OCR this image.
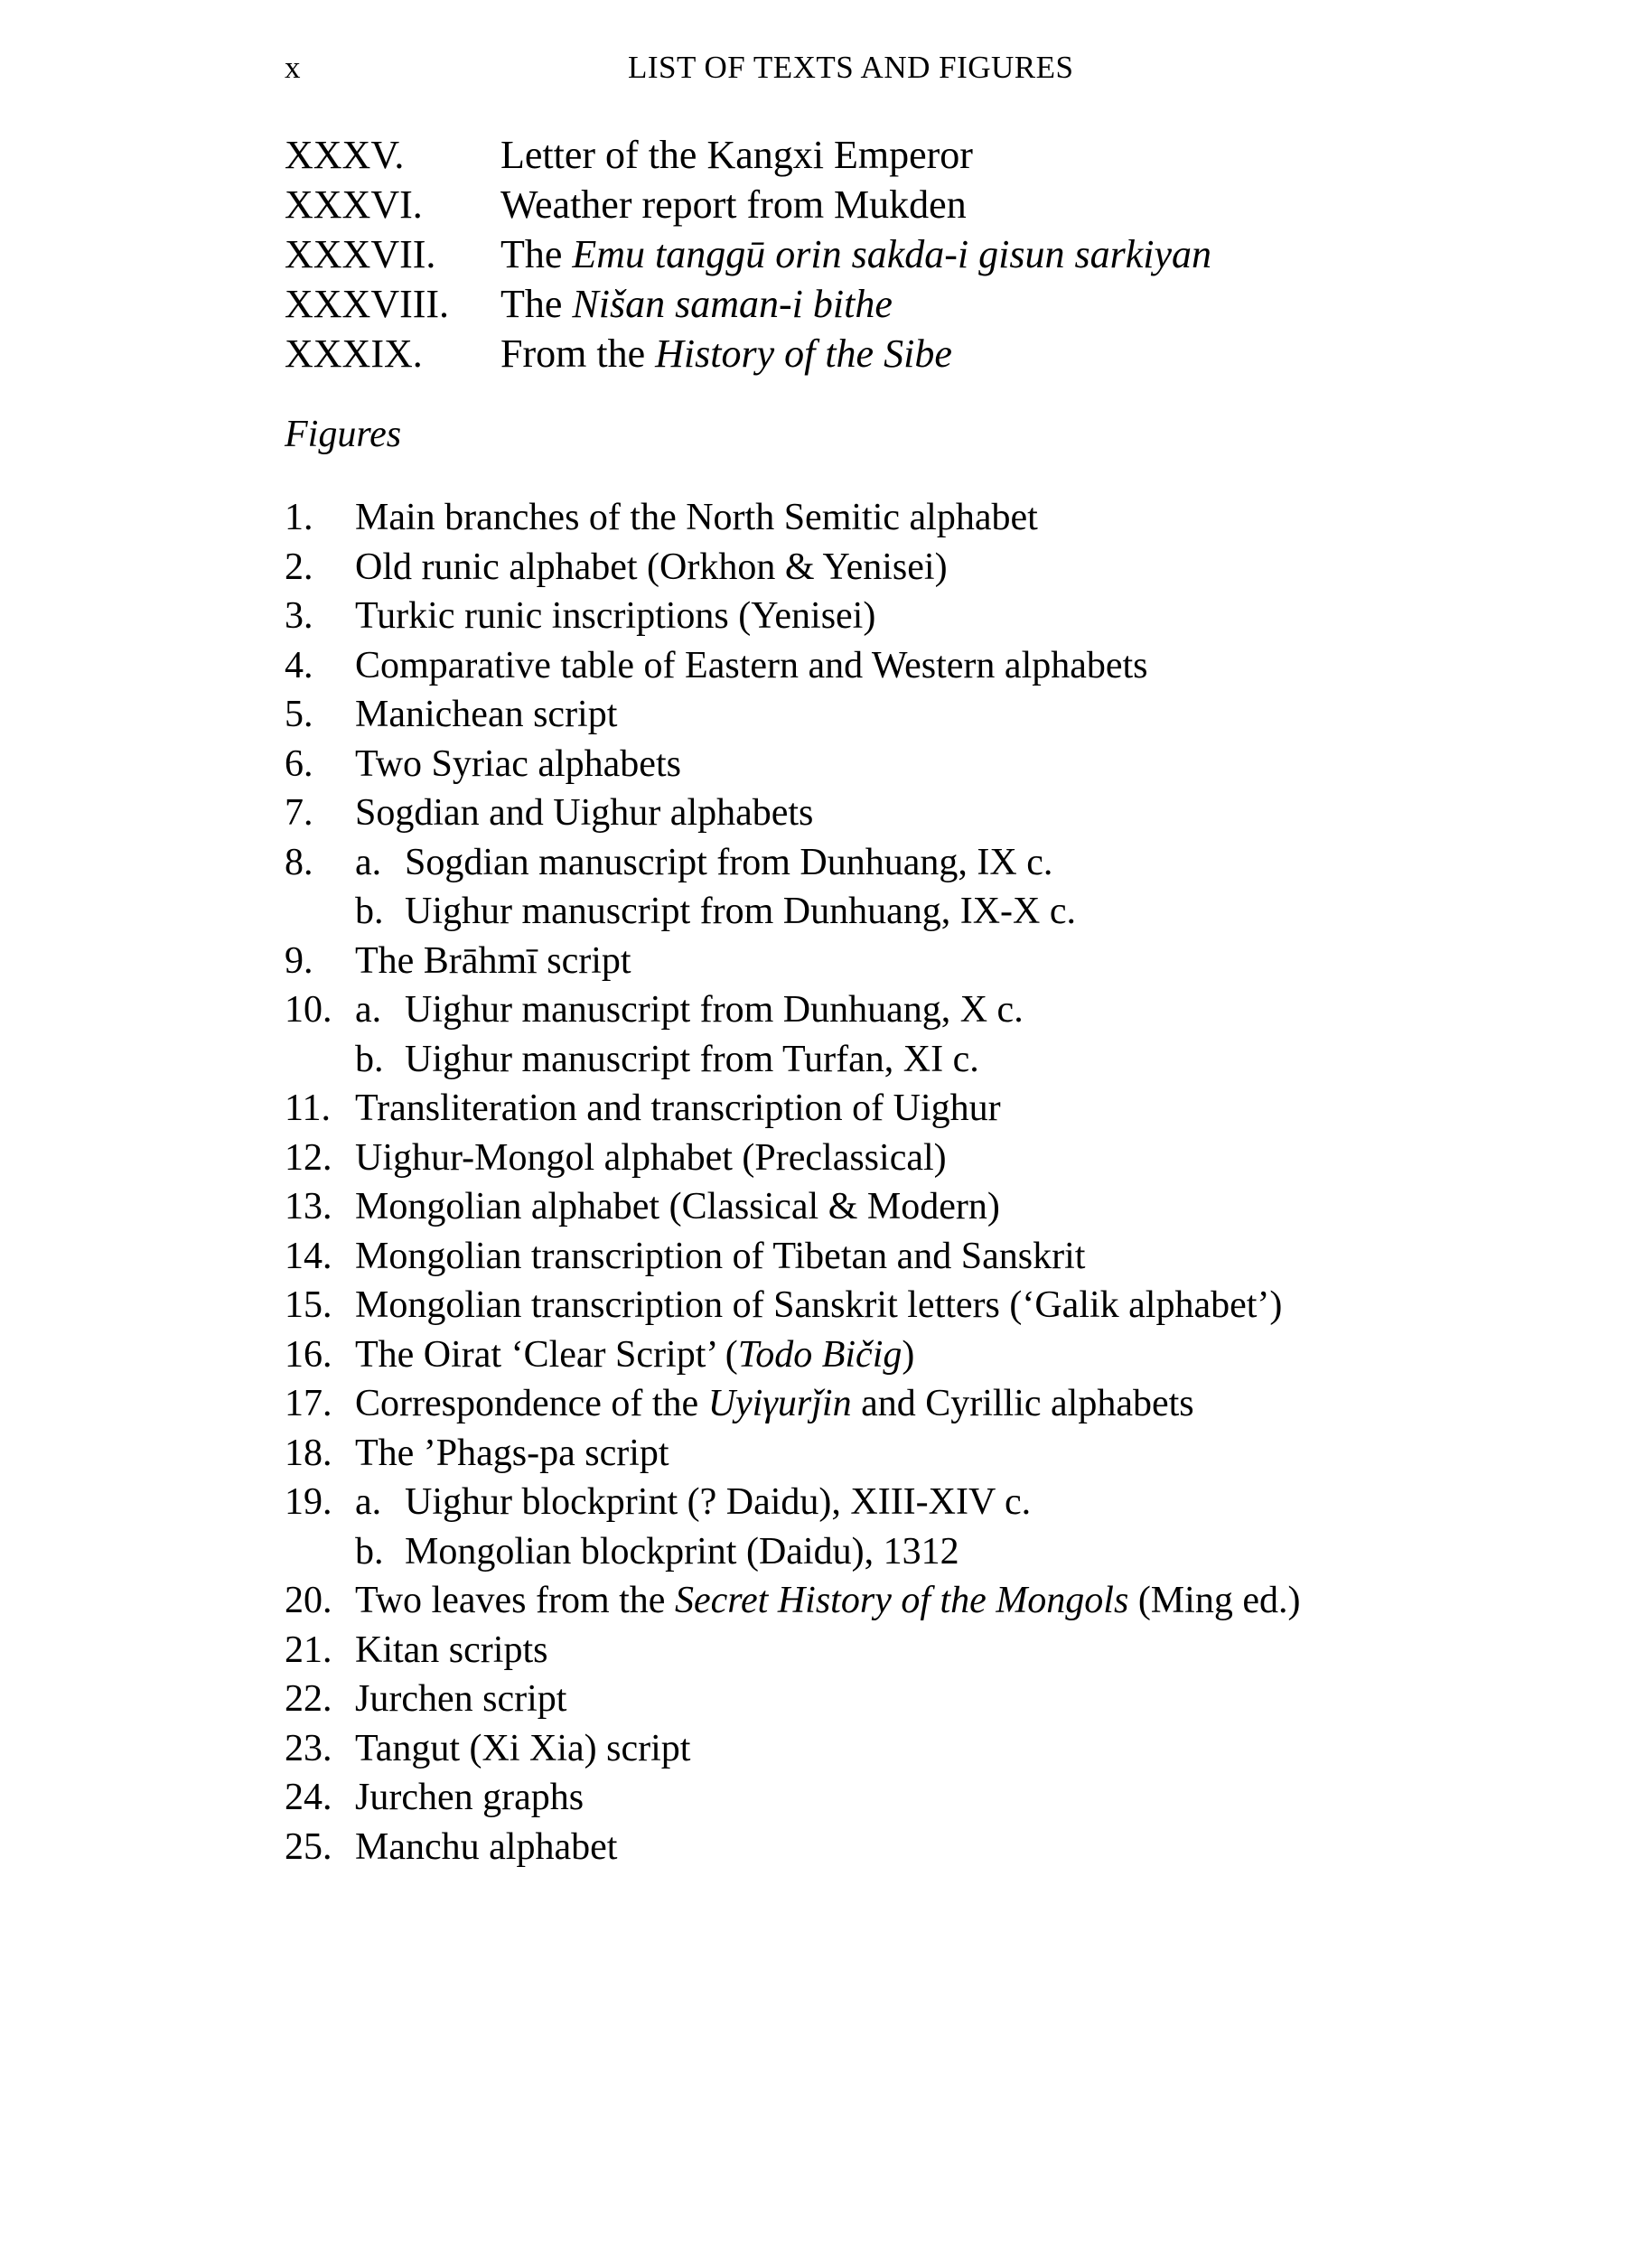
x	LIST OF TEXTS AND FIGURES
XXXV. Letter of the Kangxi Emperor
XXXVI. Weather report from Mukden
XXXVII. The Emu tanggū orin sakda-i gisun sarkiyan
XXXVIII. The Nišan saman-i bithe
XXXIX. From the History of the Sibe
Figures
1. Main branches of the North Semitic alphabet
2. Old runic alphabet (Orkhon & Yenisei)
3. Turkic runic inscriptions (Yenisei)
4. Comparative table of Eastern and Western alphabets
5. Manichean script
6. Two Syriac alphabets
7. Sogdian and Uighur alphabets
8. a. Sogdian manuscript from Dunhuang, IX c.
b. Uighur manuscript from Dunhuang, IX-X c.
9. The Brāhmī script
10. a. Uighur manuscript from Dunhuang, X c.
b. Uighur manuscript from Turfan, XI c.
11. Transliteration and transcription of Uighur
12. Uighur-Mongol alphabet (Preclassical)
13. Mongolian alphabet (Classical & Modern)
14. Mongolian transcription of Tibetan and Sanskrit
15. Mongolian transcription of Sanskrit letters (‘Galik alphabet’)
16. The Oirat ‘Clear Script’ (Todo Bičig)
17. Correspondence of the Uyiγurǰin and Cyrillic alphabets
18. The ’Phags-pa script
19. a. Uighur blockprint (? Daidu), XIII-XIV c.
b. Mongolian blockprint (Daidu), 1312
20. Two leaves from the Secret History of the Mongols (Ming ed.)
21. Kitan scripts
22. Jurchen script
23. Tangut (Xi Xia) script
24. Jurchen graphs
25. Manchu alphabet
